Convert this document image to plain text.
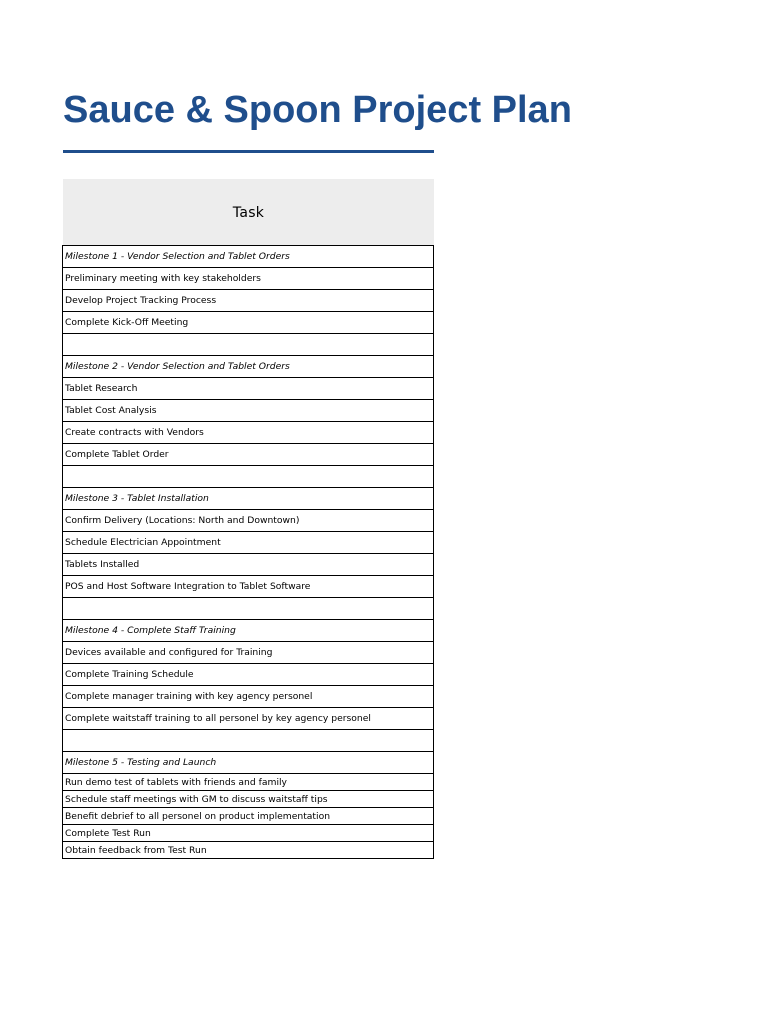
Sauce & Spoon Project Plan
Task
Milestone 1 - Vendor Selection and Tablet Orders
Preliminary meeting with key stakeholders
Develop Project Tracking Process
Complete Kick-Off Meeting

Milestone 2 - Vendor Selection and Tablet Orders
Tablet Research
Tablet Cost Analysis
Create contracts with Vendors
Complete Tablet Order

Milestone 3 - Tablet Installation
Confirm Delivery (Locations: North and Downtown)
Schedule Electrician Appointment
Tablets Installed
POS and Host Software Integration to Tablet Software

Milestone 4 - Complete Staff Training
Devices available and configured for Training
Complete Training Schedule
Complete manager training with key agency personel
Complete waitstaff training to all personel by key agency personel

Milestone 5 - Testing and Launch
Run demo test of tablets with friends and family
Schedule staff meetings with GM to discuss waitstaff tips
Benefit debrief to all personel on product implementation
Complete Test Run
Obtain feedback from Test Run
